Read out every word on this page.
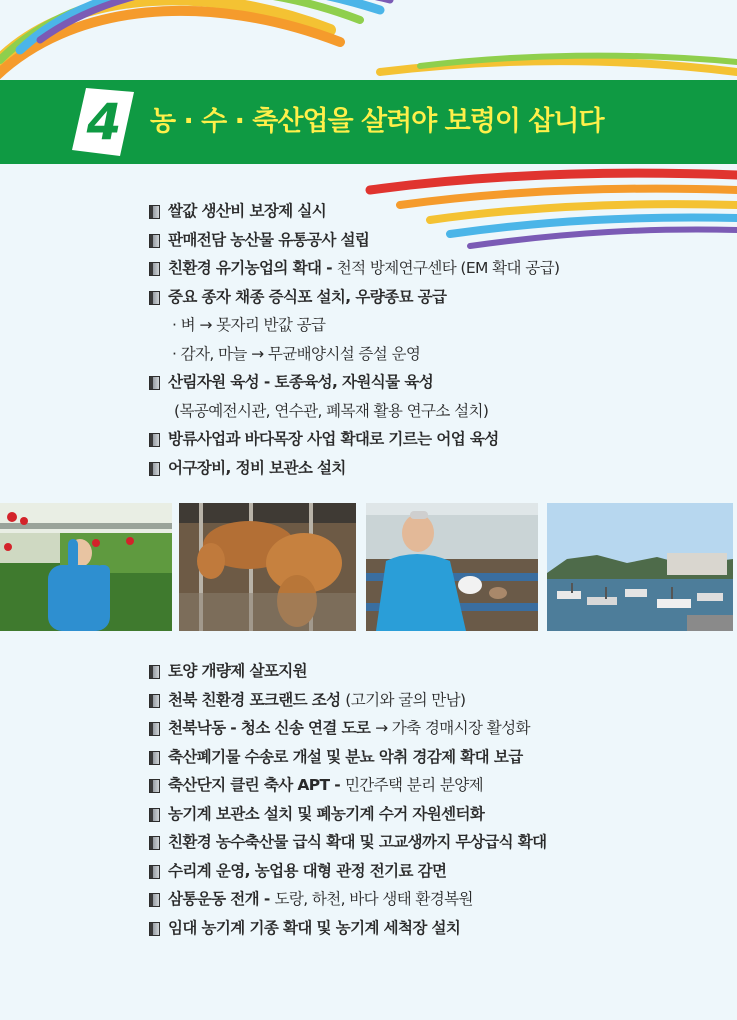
4	농 · 수 · 축산업을 살려야 보령이 삽니다
쌀값 생산비 보장제 실시
판매전담 농산물 유통공사 설립
친환경 유기농업의 확대 - 천적 방제연구센타 (EM 확대 공급)
중요 종자 채종 증식포 설치, 우량종묘 공급
· 벼 → 못자리 반값 공급
· 감자, 마늘 → 무균배양시설 증설 운영
산림자원 육성 - 토종육성, 자원식물 육성
(목공예전시관, 연수관, 폐목재 활용 연구소 설치)
방류사업과 바다목장 사업 확대로 기르는 어업 육성
어구장비, 정비 보관소 설치
토양 개량제 살포지원
천북 친환경 포크랜드 조성 (고기와 굴의 만남)
천북낙동 - 청소 신송 연결 도로 → 가축 경매시장 활성화
축산폐기물 수송로 개설 및 분뇨 악취 경감제 확대 보급
축산단지 클린 축사 APT - 민간주택 분리 분양제
농기계 보관소 설치 및 폐농기계 수거 자원센터화
친환경 농수축산물 급식 확대 및 고교생까지 무상급식 확대
수리계 운영, 농업용 대형 관정 전기료 감면
삼통운동 전개 - 도랑, 하천, 바다 생태 환경복원
임대 농기계 기종 확대 및 농기계 세척장 설치
